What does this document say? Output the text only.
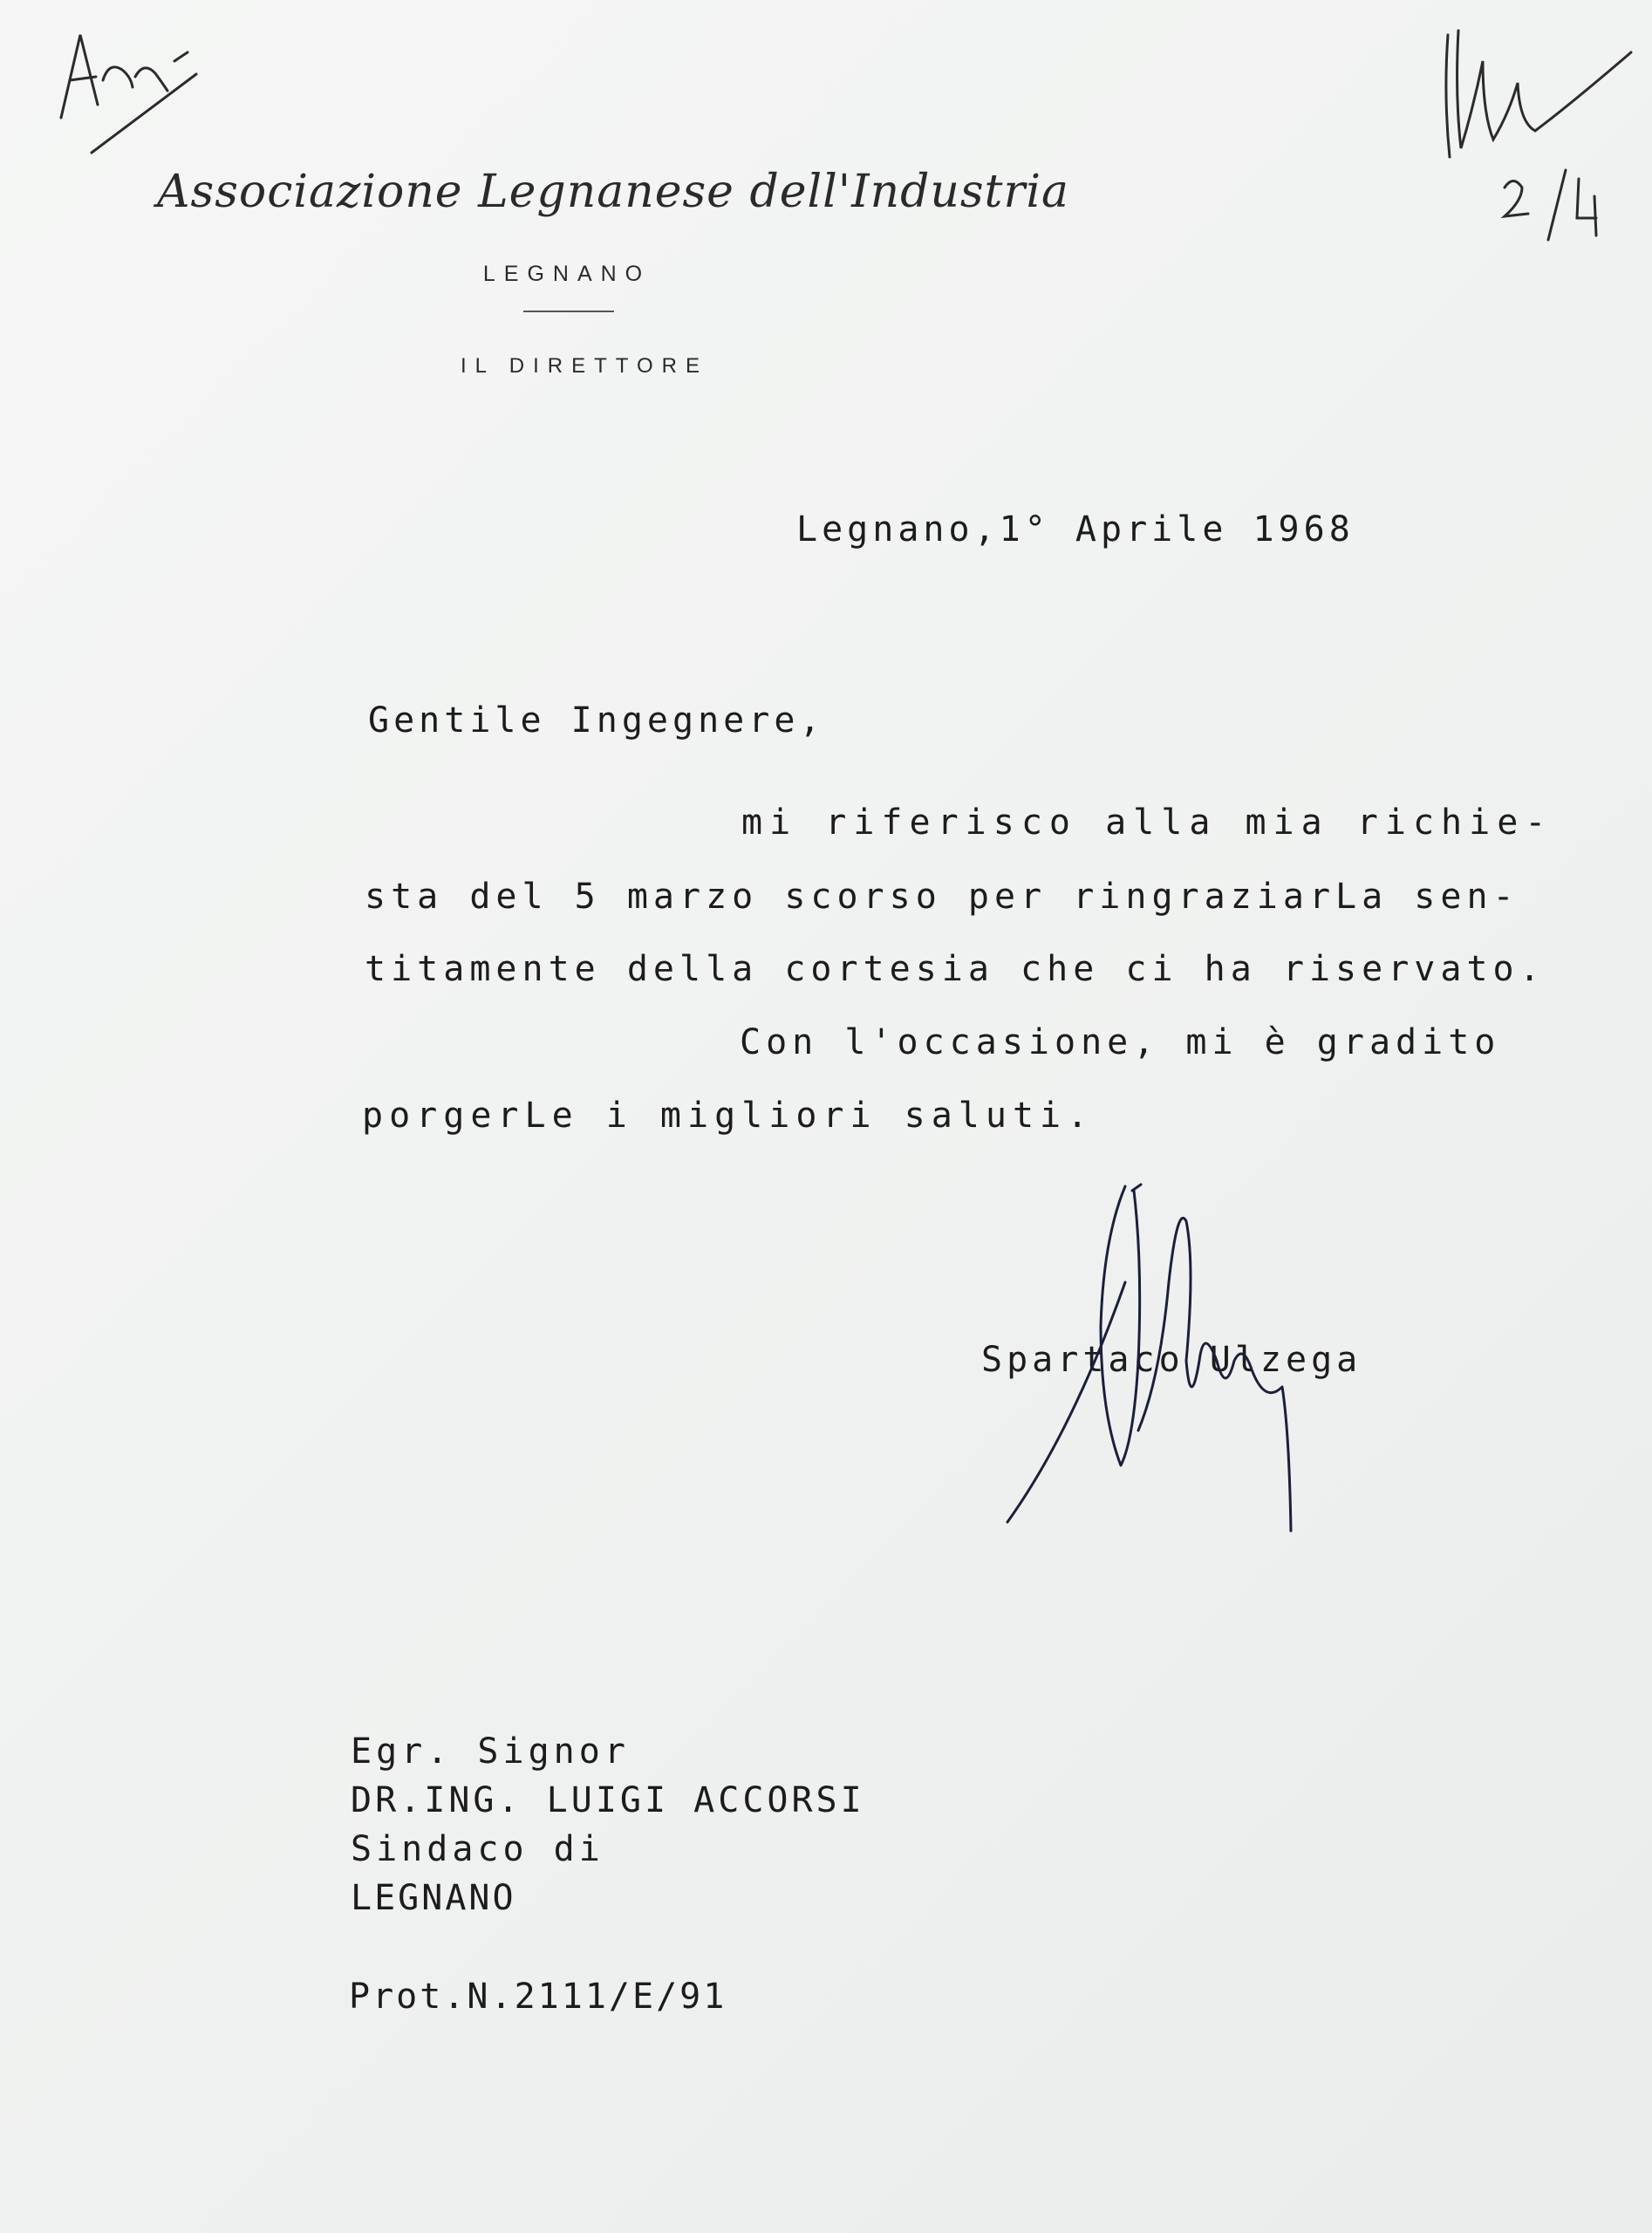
Associazione Legnanese dell'Industria
LEGNANO
IL DIRETTORE
Legnano,1° Aprile 1968
Gentile Ingegnere,
mi riferisco alla mia richie-
sta del 5 marzo scorso per ringraziarLa sen-
titamente della cortesia che ci ha riservato.
Con l'occasione, mi è gradito
porgerLe i migliori saluti.
Spartaco Ulzega
Egr. Signor
DR.ING. LUIGI ACCORSI
Sindaco di
LEGNANO
Prot.N.2111/E/91
